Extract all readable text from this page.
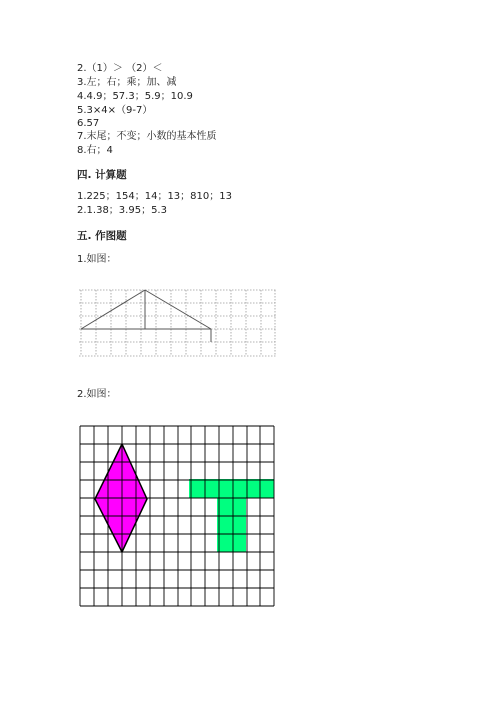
2.（1）＞ （2）＜
3.左；右；乘；加、减
4.4.9；57.3；5.9；10.9
5.3×4×（9-7）
6.57
7.末尾；不变；小数的基本性质
8.右；4
四. 计算题
1.225；154；14；13；810；13
2.1.38；3.95；5.3
五. 作图题
1.如图：
2.如图：
